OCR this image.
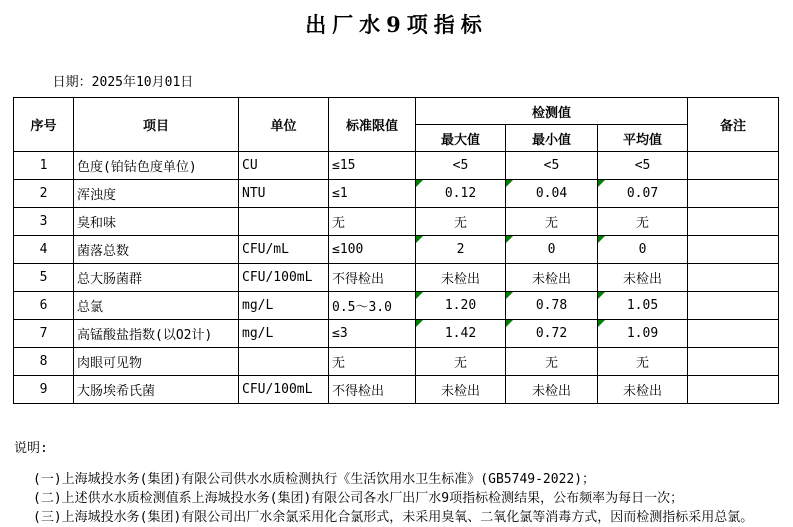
出厂水9项指标

日期：2025年10月01日

序号	项目	单位	标准限值	检测值			备注
				最大值	最小值	平均值	
1	色度(铂钴色度单位)	CU	≤15	<5	<5	<5	
2	浑浊度	NTU	≤1	0.12	0.04	0.07	
3	臭和味		无	无	无	无	
4	菌落总数	CFU/mL	≤100	2	0	0	
5	总大肠菌群	CFU/100mL	不得检出	未检出	未检出	未检出	
6	总氯	mg/L	0.5～3.0	1.20	0.78	1.05	
7	高锰酸盐指数(以O2计)	mg/L	≤3	1.42	0.72	1.09	
8	肉眼可见物		无	无	无	无	
9	大肠埃希氏菌	CFU/100mL	不得检出	未检出	未检出	未检出	
说明:
(一)上海城投水务(集团)有限公司供水水质检测执行《生活饮用水卫生标准》(GB5749-2022)；
(二)上述供水水质检测值系上海城投水务(集团)有限公司各水厂出厂水9项指标检测结果，公布频率为每日一次；
(三)上海城投水务(集团)有限公司出厂水余氯采用化合氯形式，未采用臭氧、二氧化氯等消毒方式，因而检测指标采用总氯。
